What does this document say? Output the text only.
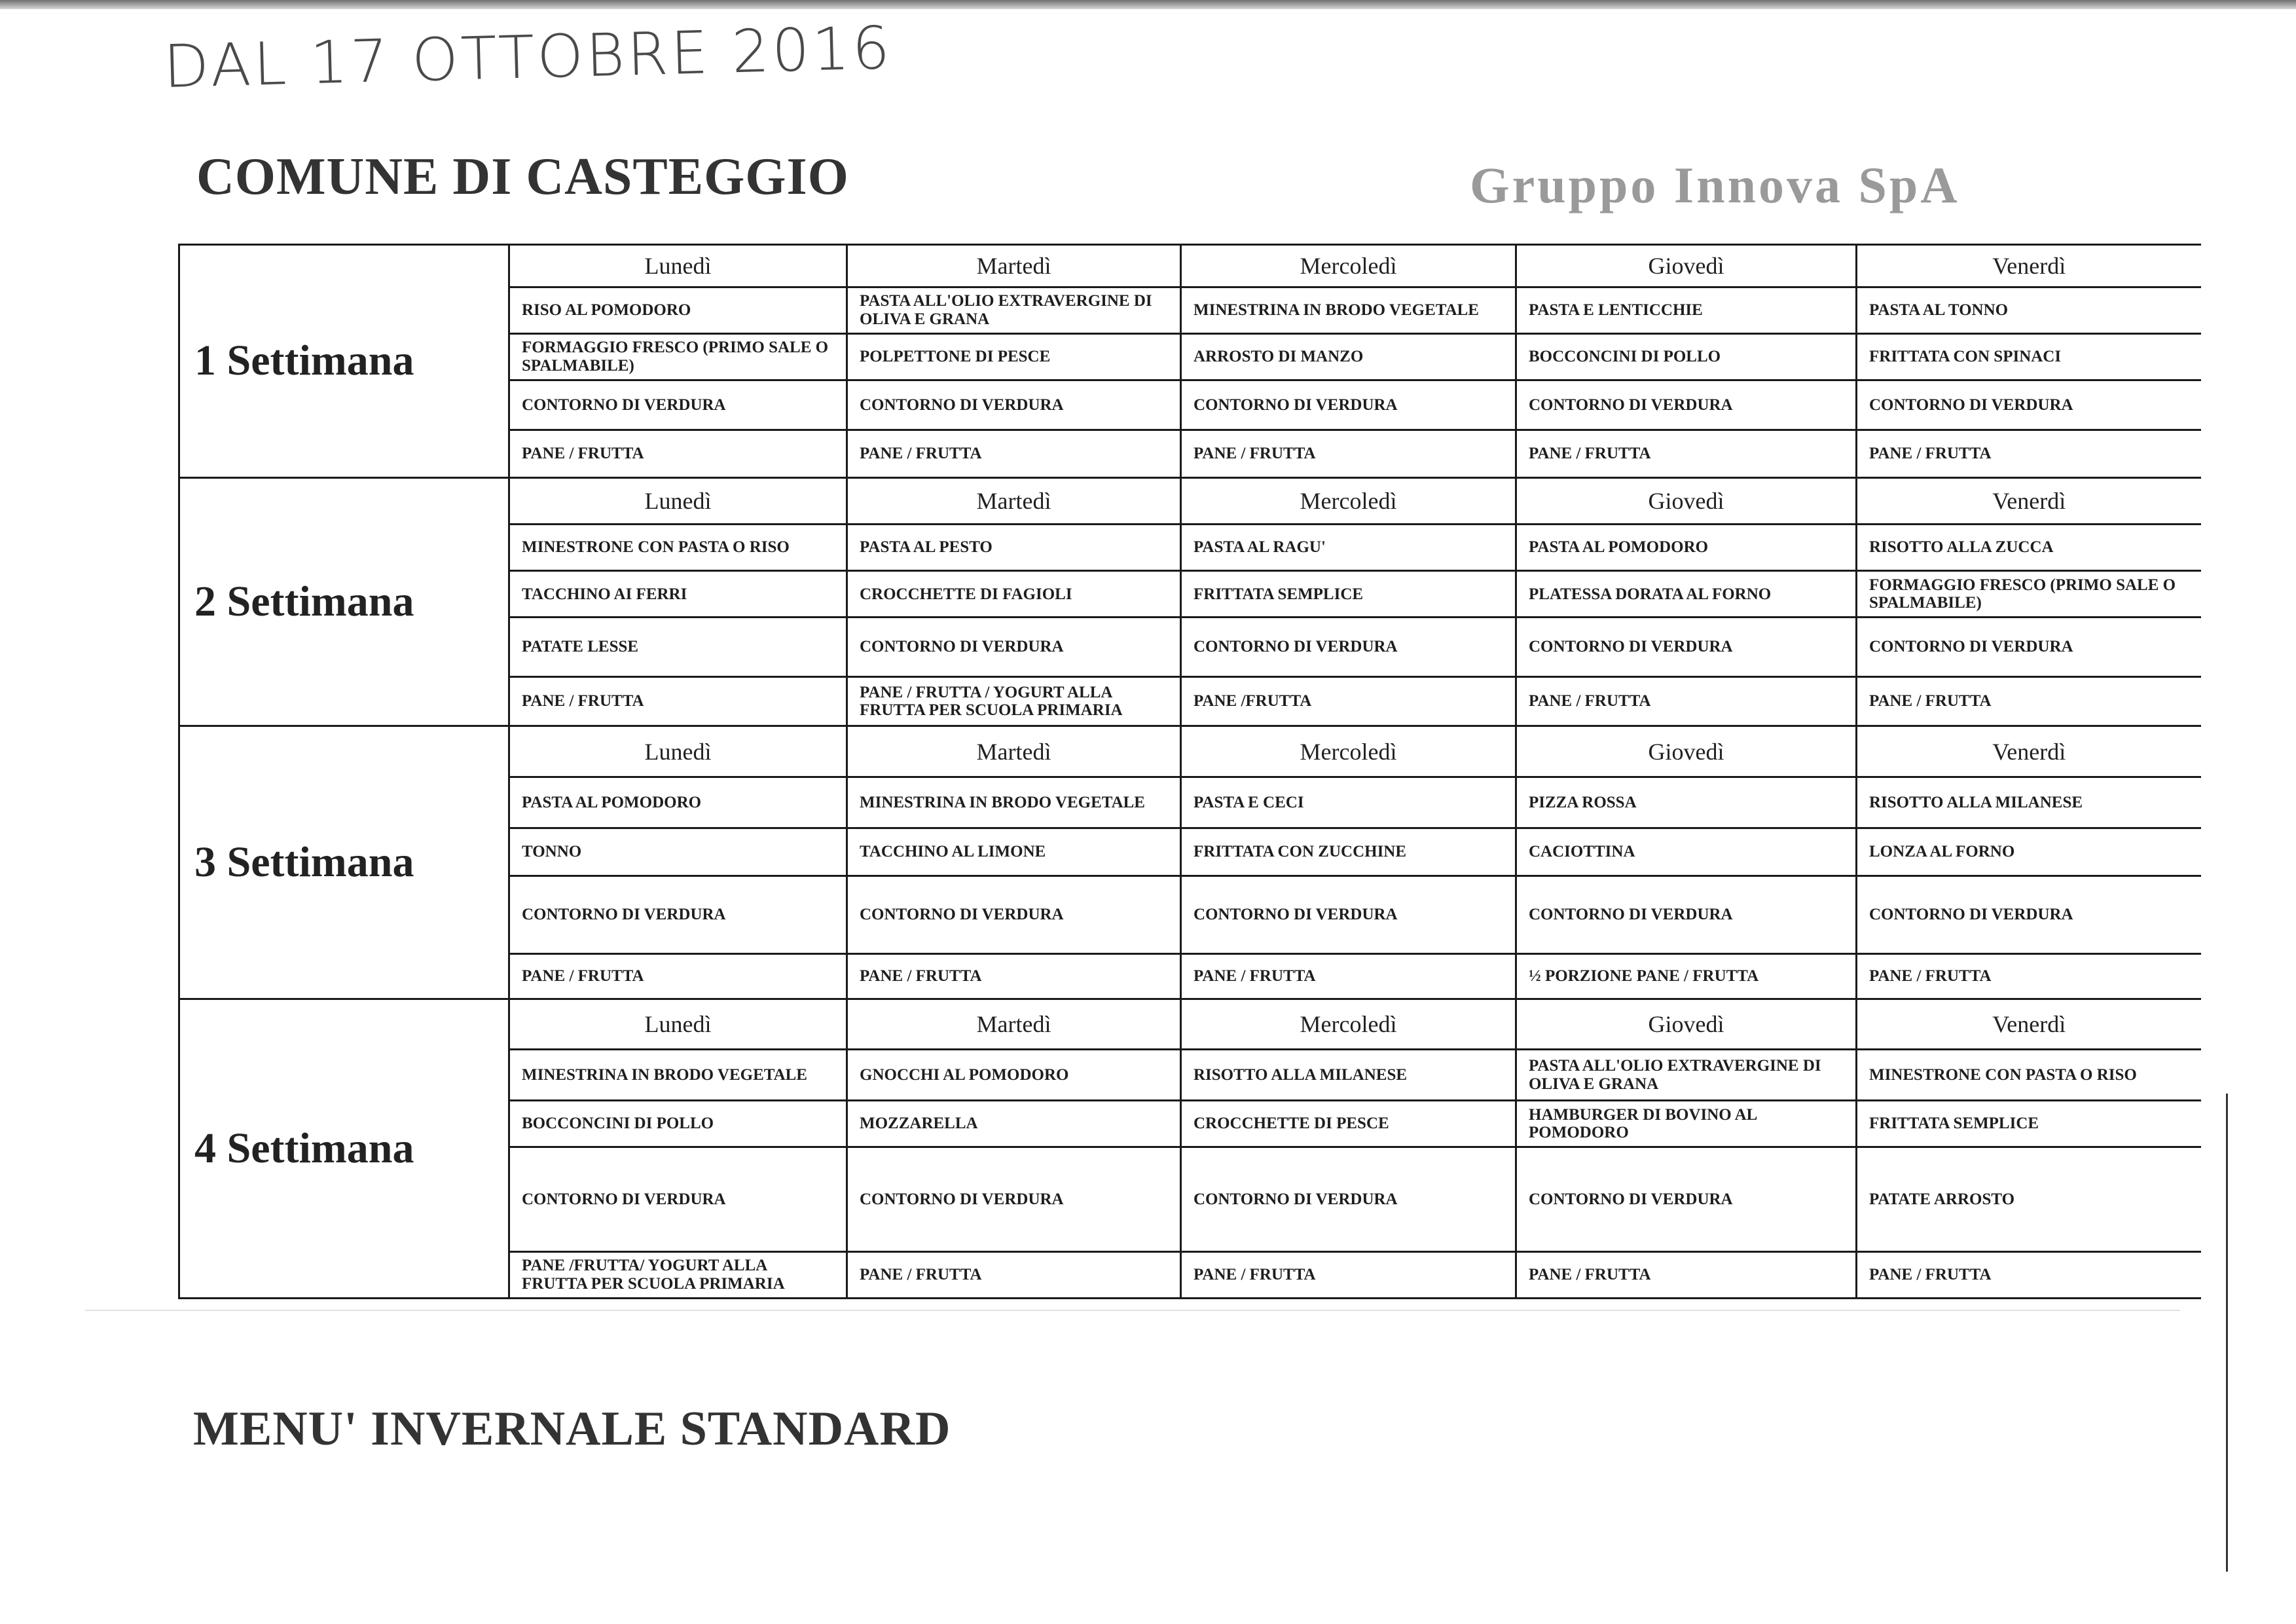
DAL 17 OTTOBRE 2016
COMUNE DI CASTEGGIO	Gruppo Innova SpA
1 Settimana	Lunedì	Martedì	Mercoledì	Giovedì	Venerdì
	RISO AL POMODORO	PASTA ALL'OLIO EXTRAVERGINE DI OLIVA E GRANA	MINESTRINA IN BRODO VEGETALE	PASTA E LENTICCHIE	PASTA AL TONNO
	FORMAGGIO FRESCO (PRIMO SALE O SPALMABILE)	POLPETTONE DI PESCE	ARROSTO DI MANZO	BOCCONCINI DI POLLO	FRITTATA CON SPINACI
	CONTORNO DI VERDURA	CONTORNO DI VERDURA	CONTORNO DI VERDURA	CONTORNO DI VERDURA	CONTORNO DI VERDURA
	PANE / FRUTTA	PANE / FRUTTA	PANE / FRUTTA	PANE / FRUTTA	PANE / FRUTTA
2 Settimana	Lunedì	Martedì	Mercoledì	Giovedì	Venerdì
	MINESTRONE CON PASTA O RISO	PASTA AL PESTO	PASTA AL RAGU'	PASTA AL POMODORO	RISOTTO ALLA ZUCCA
	TACCHINO AI FERRI	CROCCHETTE DI FAGIOLI	FRITTATA SEMPLICE	PLATESSA DORATA AL FORNO	FORMAGGIO FRESCO (PRIMO SALE O SPALMABILE)
	PATATE LESSE	CONTORNO DI VERDURA	CONTORNO DI VERDURA	CONTORNO DI VERDURA	CONTORNO DI VERDURA
	PANE / FRUTTA	PANE / FRUTTA / YOGURT ALLA FRUTTA PER SCUOLA PRIMARIA	PANE /FRUTTA	PANE / FRUTTA	PANE / FRUTTA
3 Settimana	Lunedì	Martedì	Mercoledì	Giovedì	Venerdì
	PASTA AL POMODORO	MINESTRINA IN BRODO VEGETALE	PASTA E CECI	PIZZA ROSSA	RISOTTO ALLA MILANESE
	TONNO	TACCHINO AL LIMONE	FRITTATA CON ZUCCHINE	CACIOTTINA	LONZA AL FORNO
	CONTORNO DI VERDURA	CONTORNO DI VERDURA	CONTORNO DI VERDURA	CONTORNO DI VERDURA	CONTORNO DI VERDURA
	PANE / FRUTTA	PANE / FRUTTA	PANE / FRUTTA	½ PORZIONE PANE / FRUTTA	PANE / FRUTTA
4 Settimana	Lunedì	Martedì	Mercoledì	Giovedì	Venerdì
	MINESTRINA IN BRODO VEGETALE	GNOCCHI AL POMODORO	RISOTTO ALLA MILANESE	PASTA ALL'OLIO EXTRAVERGINE DI OLIVA E GRANA	MINESTRONE CON PASTA O RISO
	BOCCONCINI DI POLLO	MOZZARELLA	CROCCHETTE DI PESCE	HAMBURGER DI BOVINO AL POMODORO	FRITTATA SEMPLICE
	CONTORNO DI VERDURA	CONTORNO DI VERDURA	CONTORNO DI VERDURA	CONTORNO DI VERDURA	PATATE ARROSTO
	PANE /FRUTTA/ YOGURT ALLA FRUTTA PER SCUOLA PRIMARIA	PANE / FRUTTA	PANE / FRUTTA	PANE / FRUTTA	PANE / FRUTTA
MENU' INVERNALE STANDARD
